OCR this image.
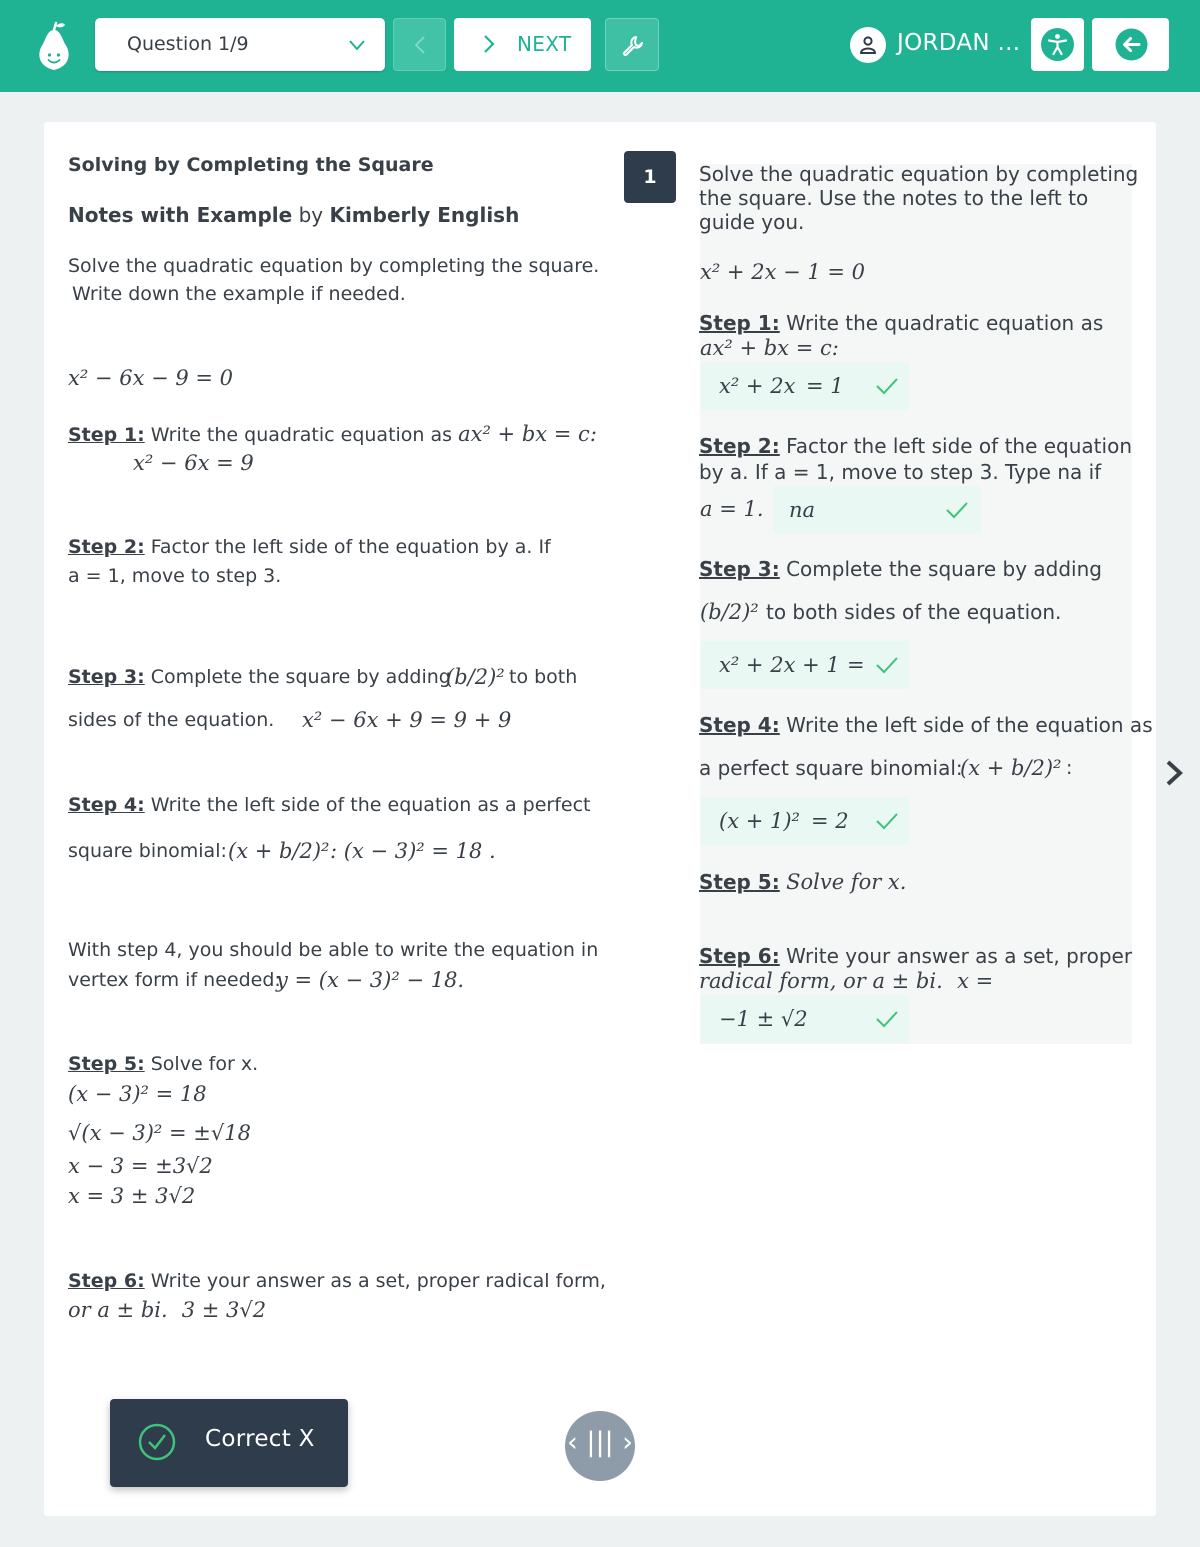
Question 1/9	NEXT	JORDAN ...
Solving by Completing the Square
Notes with Example by Kimberly English
Solve the quadratic equation by completing the square.
Write down the example if needed.
x² − 6x − 9 = 0
Step 1: Write the quadratic equation as ax² + bx = c:
x² − 6x = 9
Step 2: Factor the left side of the equation by a. If
a = 1, move to step 3.
Step 3: Complete the square by adding
(b/2)² to both
sides of the equation. x² − 6x + 9 = 9 + 9
Step 4: Write the left side of the equation as a perfect
square binomial: (x + b/2)² : (x − 3)² = 18 .
With step 4, you should be able to write the equation in
vertex form if needed:
y = (x − 3)² − 18.
Step 5: Solve for x.
(x − 3)² = 18
√(x − 3)² = ±√18
x − 3 = ±3√2
x = 3 ± 3√2
Step 6: Write your answer as a set, proper radical form,
or a ± bi. 3 ± 3√2
1	Solve the quadratic equation by completing
the square. Use the notes to the left to
guide you.
x² + 2x − 1 = 0
Step 1: Write the quadratic equation as
ax² + bx = c:
x² + 2x = 1
Step 2: Factor the left side of the equation
by a. If a = 1, move to step 3. Type na if
a = 1. na
Step 3: Complete the square by adding
(b/2)² to both sides of the equation.
x² + 2x + 1 =
Step 4: Write the left side of the equation as
a perfect square binomial:
(x + b/2)² :
(x + 1)² = 2
Step 5: Solve for x.
Step 6: Write your answer as a set, proper
radical form, or a ± bi. x =
−1 ± √2
Correct X	‹ ||| ›
